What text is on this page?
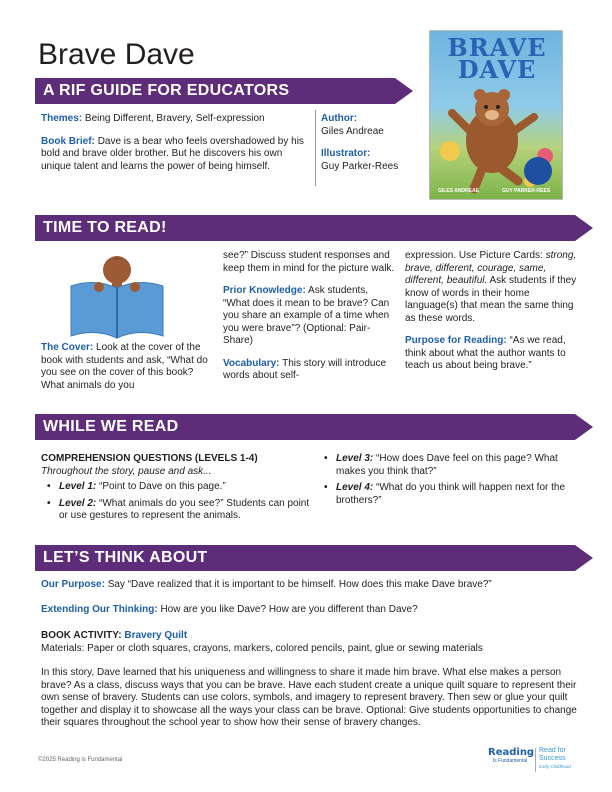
Brave Dave
A RIF GUIDE FOR EDUCATORS
Themes: Being Different, Bravery, Self-expression
Book Brief: Dave is a bear who feels overshadowed by his bold and brave older brother. But he discovers his own unique talent and learns the power of being himself.
Author:
Giles Andreae
Illustrator:
Guy Parker-Rees
BRAVE
DAVE
GILES ANDREAE	GUY PARKER-REES
TIME TO READ!
The Cover: Look at the cover of the book with students and ask, “What do you see on the cover of this book? What animals do you
see?” Discuss student responses and keep them in mind for the picture walk.
Prior Knowledge: Ask students, “What does it mean to be brave? Can you share an example of a time when you were brave”? (Optional: Pair-Share)
Vocabulary: This story will introduce words about self-
expression. Use Picture Cards: strong, brave, different, courage, same, different, beautiful. Ask students if they know of words in their home language(s) that mean the same thing as these words.
Purpose for Reading: “As we read, think about what the author wants to teach us about being brave.”
WHILE WE READ
COMPREHENSION QUESTIONS (LEVELS 1-4)
Throughout the story, pause and ask...
• Level 1: “Point to Dave on this page.”
• Level 2: “What animals do you see?” Students can point or use gestures to represent the animals.
• Level 3: “How does Dave feel on this page? What makes you think that?”
• Level 4: “What do you think will happen next for the brothers?”
LET’S THINK ABOUT
Our Purpose: Say “Dave realized that it is important to be himself. How does this make Dave brave?”
Extending Our Thinking: How are you like Dave? How are you different than Dave?
BOOK ACTIVITY: Bravery Quilt
Materials: Paper or cloth squares, crayons, markers, colored pencils, paint, glue or sewing materials
In this story, Dave learned that his uniqueness and willingness to share it made him brave. What else makes a person brave? As a class, discuss ways that you can be brave. Have each student create a unique quilt square to represent their own sense of bravery. Students can use colors, symbols, and imagery to represent bravery. Then sew or glue your quilt together and display it to showcase all the ways your class can be brave. Optional: Give students opportunities to change their squares throughout the school year to show how their sense of bravery changes.
©2025 Reading is Fundamental
Reading
Is Fundamental
Read for
Success
Early Childhood
